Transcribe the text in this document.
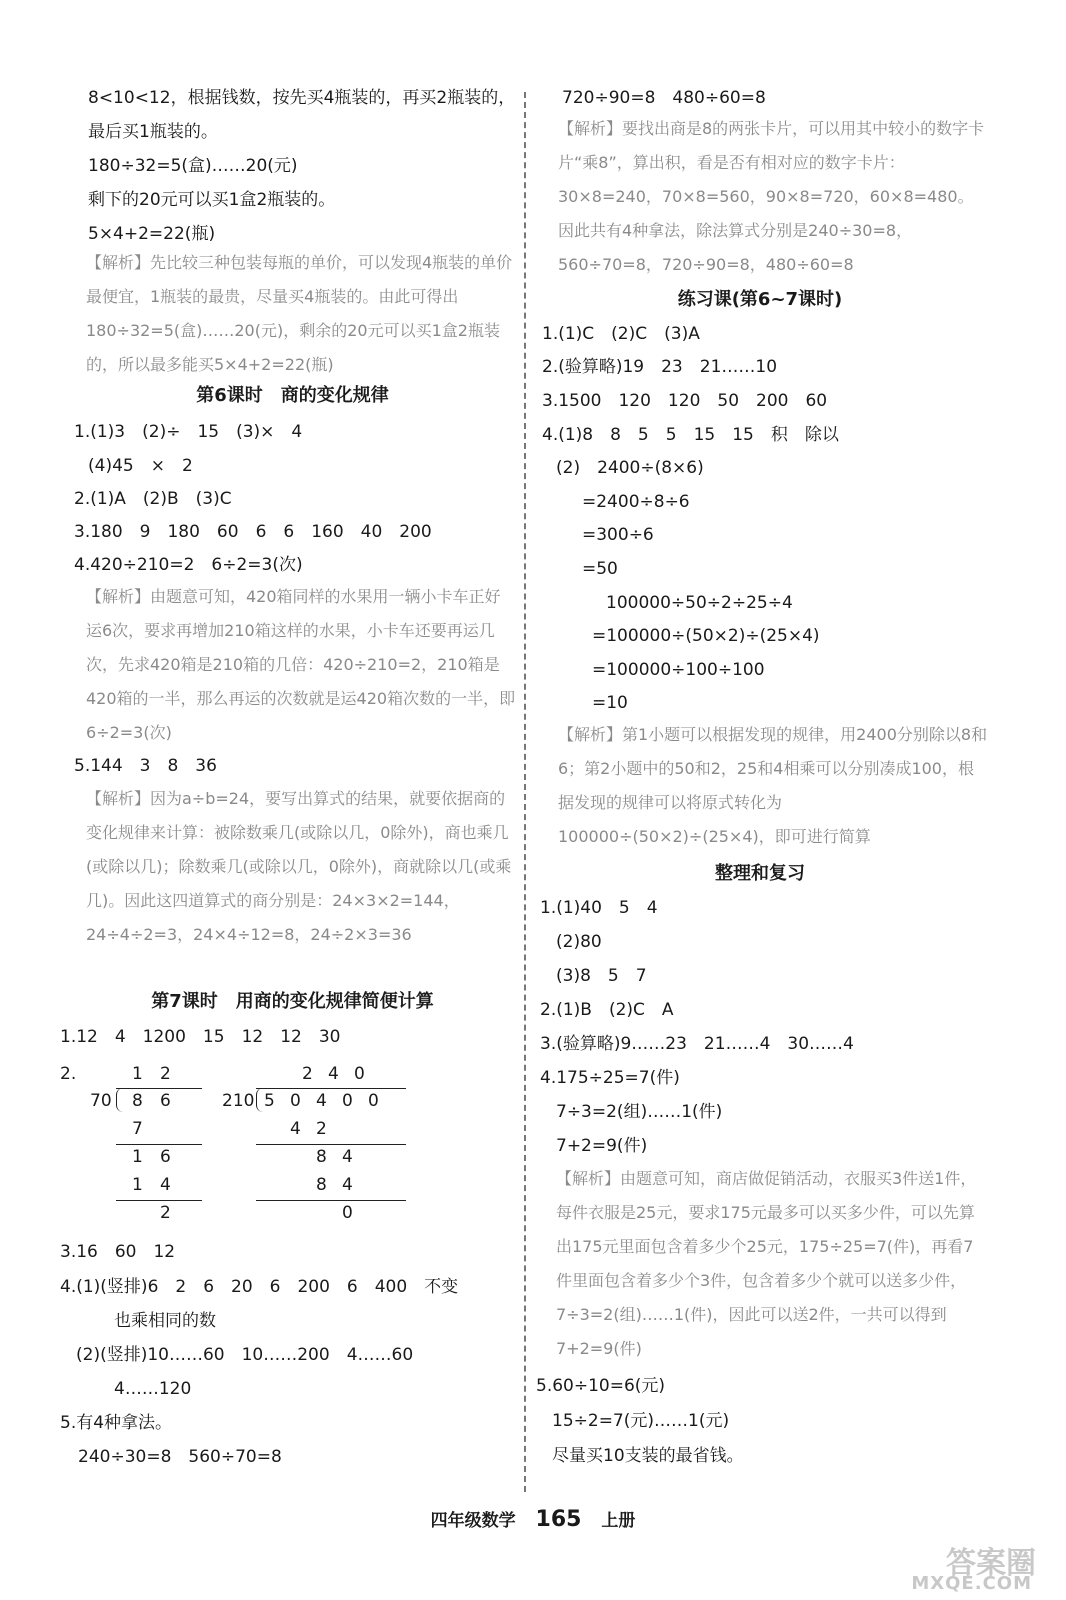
8<10<12，根据钱数，按先买4瓶装的，再买2瓶装的，
最后买1瓶装的。
180÷32=5(盒)……20(元)
剩下的20元可以买1盒2瓶装的。
5×4+2=22(瓶)
【解析】先比较三种包装每瓶的单价，可以发现4瓶装的单价最便宜，1瓶装的最贵，尽量买4瓶装的。由此可得出180÷32=5(盒)……20(元)，剩余的20元可以买1盒2瓶装的，所以最多能买5×4+2=22(瓶)
第6课时　商的变化规律
1.(1)3　(2)÷　15　(3)×　4
(4)45　×　2
2.(1)A　(2)B　(3)C
3.180　9　180　60　6　6　160　40　200
4.420÷210=2　6÷2=3(次)
【解析】由题意可知，420箱同样的水果用一辆小卡车正好运6次，要求再增加210箱这样的水果，小卡车还要再运几次，先求420箱是210箱的几倍：420÷210=2，210箱是420箱的一半，那么再运的次数就是运420箱次数的一半，即6÷2=3(次)
5.144　3　8　36
【解析】因为a÷b=24，要写出算式的结果，就要依据商的变化规律来计算：被除数乘几(或除以几，0除外)，商也乘几(或除以几)；除数乘几(或除以几，0除外)，商就除以几(或乘几)。因此这四道算式的商分别是：24×3×2=144，24÷4÷2=3，24×4÷12=8，24÷2×3=36
第7课时　用商的变化规律简便计算
1.12　4　1200　15　12　12　30
2.	1 2
70 8 6
7
1 6
1 4
2
2 4 0
210 5 0 4 0 0
4 2
8 4
8 4
0
3.16　60　12
4.(1)(竖排)6　2　6　20　6　200　6　400　不变
也乘相同的数
(2)(竖排)10……60　10……200　4……60
4……120
5.有4种拿法。
240÷30=8　560÷70=8
720÷90=8　480÷60=8
【解析】要找出商是8的两张卡片，可以用其中较小的数字卡片“乘8”，算出积，看是否有相对应的数字卡片：30×8=240，70×8=560，90×8=720，60×8=480。因此共有4种拿法，除法算式分别是240÷30=8，560÷70=8，720÷90=8，480÷60=8
练习课(第6~7课时)
1.(1)C　(2)C　(3)A
2.(验算略)19　23　21……10
3.1500　120　120　50　200　60
4.(1)8　8　5　5　15　15　积　除以
(2)　2400÷(8×6)
=2400÷8÷6
=300÷6
=50
100000÷50÷2÷25÷4
=100000÷(50×2)÷(25×4)
=100000÷100÷100
=10
【解析】第1小题可以根据发现的规律，用2400分别除以8和6；第2小题中的50和2，25和4相乘可以分别凑成100，根据发现的规律可以将原式转化为100000÷(50×2)÷(25×4)，即可进行简算
整理和复习
1.(1)40　5　4
(2)80
(3)8　5　7
2.(1)B　(2)C　A
3.(验算略)9……23　21……4　30……4
4.175÷25=7(件)
7÷3=2(组)……1(件)
7+2=9(件)
【解析】由题意可知，商店做促销活动，衣服买3件送1件，每件衣服是25元，要求175元最多可以买多少件，可以先算出175元里面包含着多少个25元，175÷25=7(件)，再看7件里面包含着多少个3件，包含着多少个就可以送多少件，7÷3=2(组)……1(件)，因此可以送2件，一共可以得到7+2=9(件)
5.60÷10=6(元)
15÷2=7(元)……1(元)
尽量买10支装的最省钱。
四年级数学 165 上册
答案圈
MXQE.COM
